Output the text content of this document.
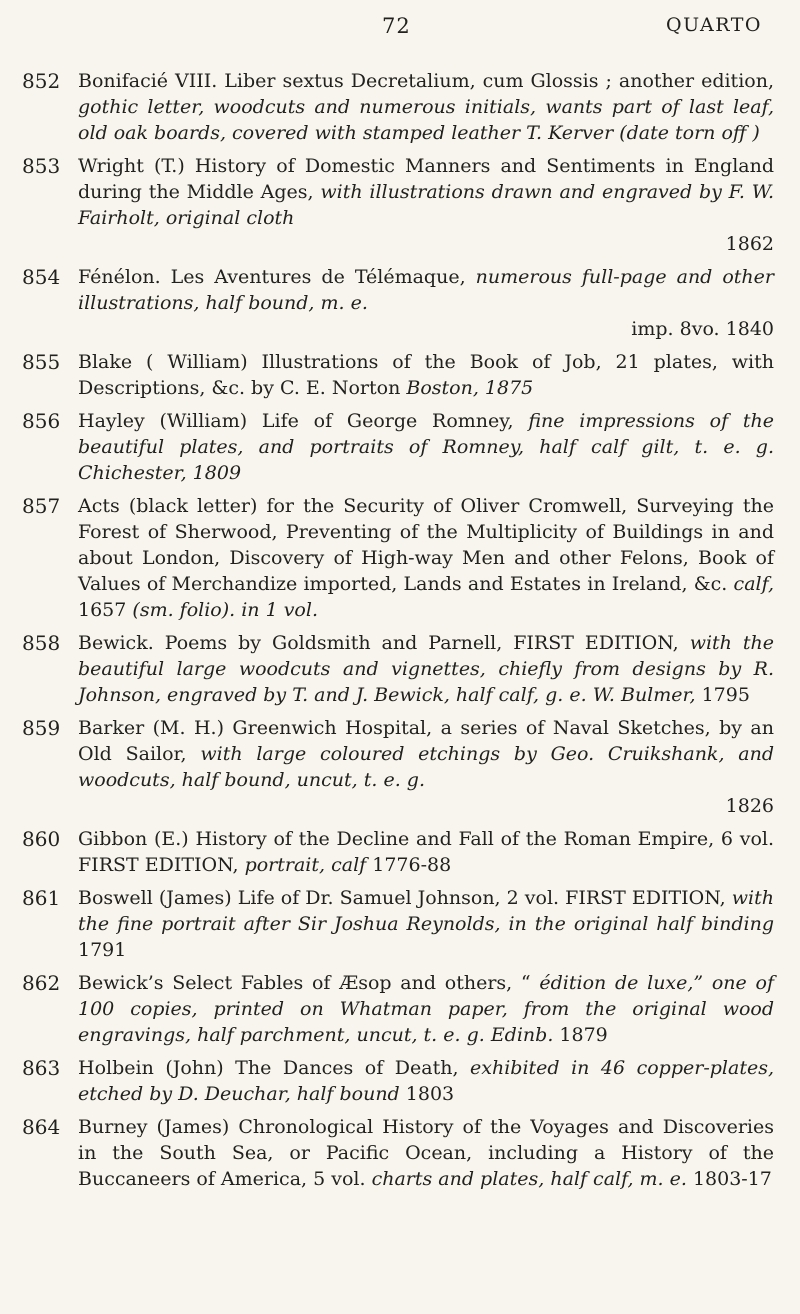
72	QUARTO
852 Bonifacié VIII. Liber sextus Decretalium, cum Glossis ; another edition, gothic letter, woodcuts and numerous initials, wants part of last leaf, old oak boards, covered with stamped leather T. Kerver (date torn off )
853 Wright (T.) History of Domestic Manners and Sentiments in England during the Middle Ages, with illustrations drawn and engraved by F. W. Fairholt, original cloth
1862
854 Fénélon. Les Aventures de Télémaque, numerous full-page and other illustrations, half bound, m. e.
imp. 8vo. 1840
855 Blake ( William) Illustrations of the Book of Job, 21 plates, with Descriptions, &c. by C. E. Norton Boston, 1875
856 Hayley (William) Life of George Romney, fine impressions of the beautiful plates, and portraits of Romney, half calf gilt, t. e. g. Chichester, 1809
857 Acts (black letter) for the Security of Oliver Cromwell, Surveying the Forest of Sherwood, Preventing of the Multiplicity of Buildings in and about London, Discovery of High-way Men and other Felons, Book of Values of Merchandize imported, Lands and Estates in Ireland, &c. calf, 1657 (sm. folio). in 1 vol.
858 Bewick. Poems by Goldsmith and Parnell, FIRST EDITION, with the beautiful large woodcuts and vignettes, chiefly from designs by R. Johnson, engraved by T. and J. Bewick, half calf, g. e. W. Bulmer, 1795
859 Barker (M. H.) Greenwich Hospital, a series of Naval Sketches, by an Old Sailor, with large coloured etchings by Geo. Cruikshank, and woodcuts, half bound, uncut, t. e. g.
1826
860 Gibbon (E.) History of the Decline and Fall of the Roman Empire, 6 vol. FIRST EDITION, portrait, calf 1776-88
861 Boswell (James) Life of Dr. Samuel Johnson, 2 vol. FIRST EDITION, with the fine portrait after Sir Joshua Reynolds, in the original half binding 1791
862 Bewick’s Select Fables of Æsop and others, “ édition de luxe,” one of 100 copies, printed on Whatman paper, from the original wood engravings, half parchment, uncut, t. e. g. Edinb. 1879
863 Holbein (John) The Dances of Death, exhibited in 46 copper-plates, etched by D. Deuchar, half bound 1803
864 Burney (James) Chronological History of the Voyages and Discoveries in the South Sea, or Pacific Ocean, including a History of the Buccaneers of America, 5 vol. charts and plates, half calf, m. e. 1803-17
